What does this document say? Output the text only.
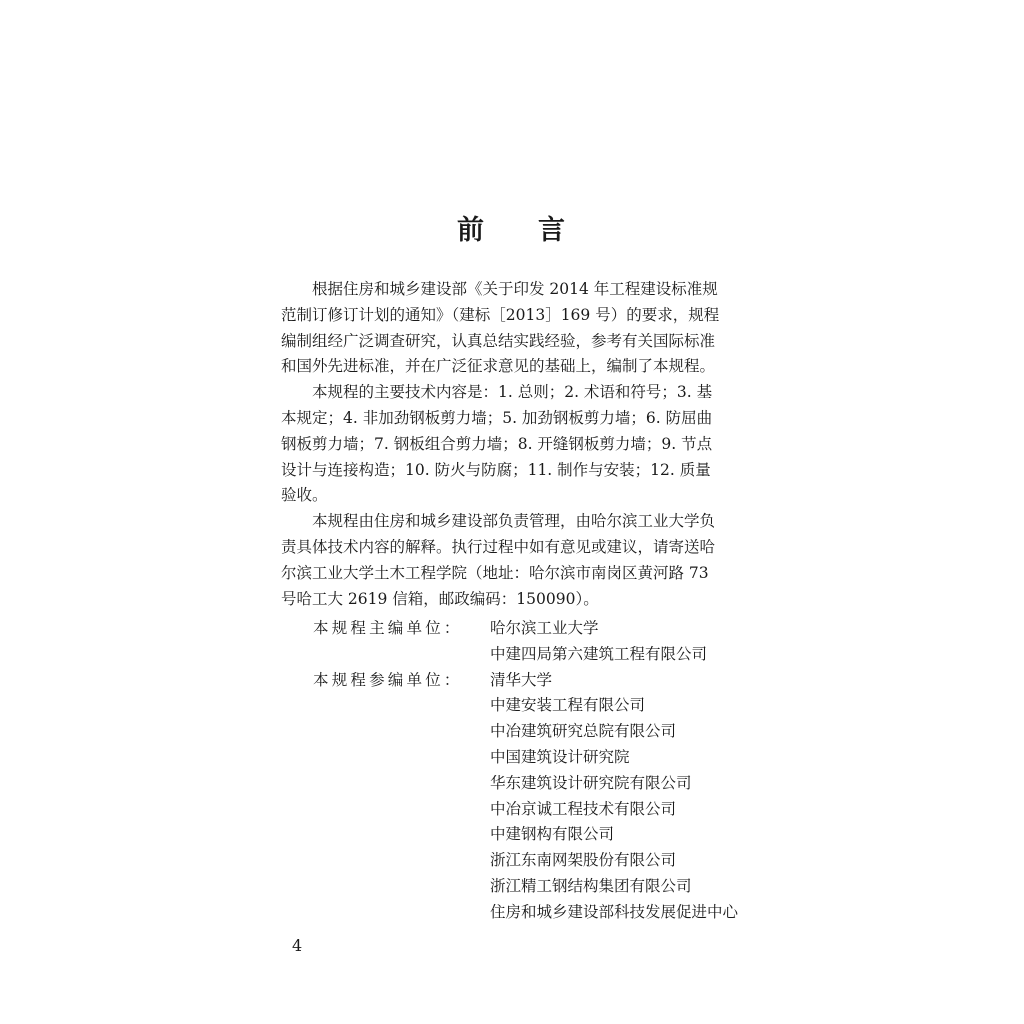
前 言
根据住房和城乡建设部《关于印发 2014 年工程建设标准规
范制订修订计划的通知》（建标［2013］169 号）的要求，规程
编制组经广泛调查研究，认真总结实践经验，参考有关国际标准
和国外先进标准，并在广泛征求意见的基础上，编制了本规程。
本规程的主要技术内容是：1. 总则；2. 术语和符号；3. 基
本规定；4. 非加劲钢板剪力墙；5. 加劲钢板剪力墙；6. 防屈曲
钢板剪力墙；7. 钢板组合剪力墙；8. 开缝钢板剪力墙；9. 节点
设计与连接构造；10. 防火与防腐；11. 制作与安装；12. 质量
验收。
本规程由住房和城乡建设部负责管理，由哈尔滨工业大学负
责具体技术内容的解释。执行过程中如有意见或建议，请寄送哈
尔滨工业大学土木工程学院（地址：哈尔滨市南岗区黄河路 73
号哈工大 2619 信箱，邮政编码：150090）。
本规程主编单位：	哈尔滨工业大学
中建四局第六建筑工程有限公司
本规程参编单位：	清华大学
中建安装工程有限公司
中冶建筑研究总院有限公司
中国建筑设计研究院
华东建筑设计研究院有限公司
中冶京诚工程技术有限公司
中建钢构有限公司
浙江东南网架股份有限公司
浙江精工钢结构集团有限公司
住房和城乡建设部科技发展促进中心
4
